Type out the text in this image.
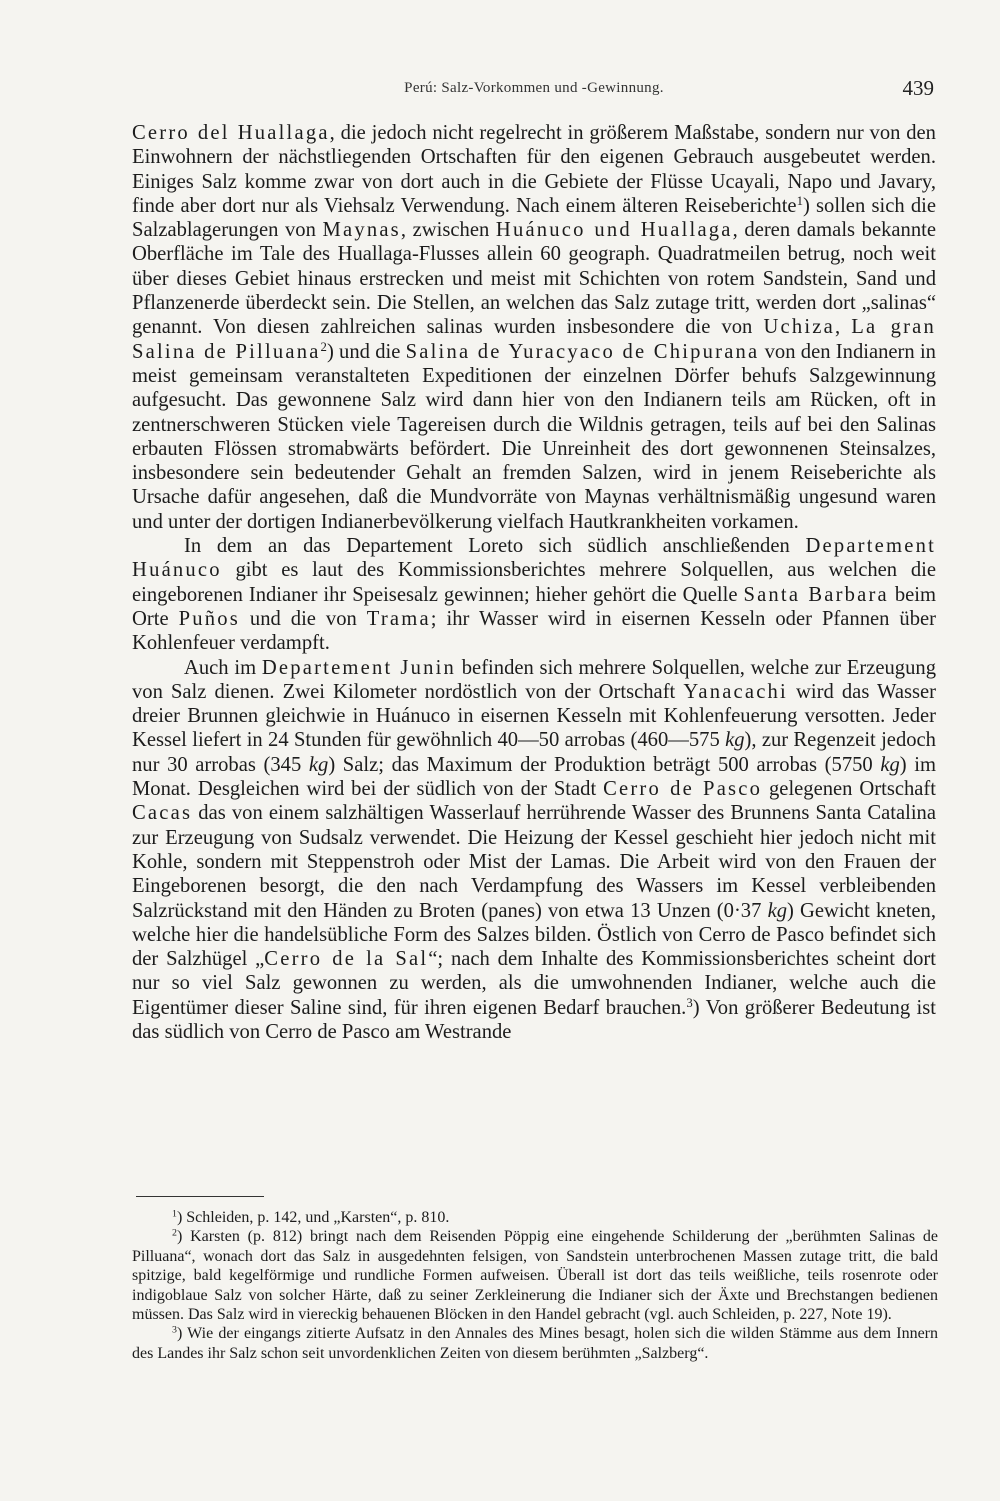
Perú: Salz-Vorkommen und -Gewinnung.	439

Cerro del Huallaga, die jedoch nicht regelrecht in größerem Maßstabe, sondern nur von den Einwohnern der nächstliegenden Ortschaften für den eigenen Gebrauch ausgebeutet werden. Einiges Salz komme zwar von dort auch in die Gebiete der Flüsse Ucayali, Napo und Javary, finde aber dort nur als Viehsalz Verwendung. Nach einem älteren Reiseberichte$^1$) sollen sich die Salzablagerungen von Maynas, zwischen Huánuco und Huallaga, deren damals bekannte Oberfläche im Tale des Huallaga-Flusses allein 60 geograph. Quadratmeilen betrug, noch weit über dieses Gebiet hinaus erstrecken und meist mit Schichten von rotem Sandstein, Sand und Pflanzenerde überdeckt sein. Die Stellen, an welchen das Salz zutage tritt, werden dort „salinas“ genannt. Von diesen zahlreichen salinas wurden insbesondere die von Uchiza, La gran Salina de Pilluana$^2$) und die Salina de Yuracyaco de Chipurana von den Indianern in meist gemeinsam veranstalteten Expeditionen der einzelnen Dörfer behufs Salzgewinnung aufgesucht. Das gewonnene Salz wird dann hier von den Indianern teils am Rücken, oft in zentnerschweren Stücken viele Tagereisen durch die Wildnis getragen, teils auf bei den Salinas erbauten Flössen stromabwärts befördert. Die Unreinheit des dort gewonnenen Steinsalzes, insbesondere sein bedeutender Gehalt an fremden Salzen, wird in jenem Reiseberichte als Ursache dafür angesehen, daß die Mundvorräte von Maynas verhältnismäßig ungesund waren und unter der dortigen Indianerbevölkerung vielfach Hautkrankheiten vorkamen.

In dem an das Departement Loreto sich südlich anschließenden Departement Huánuco gibt es laut des Kommissionsberichtes mehrere Solquellen, aus welchen die eingeborenen Indianer ihr Speisesalz gewinnen; hieher gehört die Quelle Santa Barbara beim Orte Puños und die von Trama; ihr Wasser wird in eisernen Kesseln oder Pfannen über Kohlenfeuer verdampft.

Auch im Departement Junin befinden sich mehrere Solquellen, welche zur Erzeugung von Salz dienen. Zwei Kilometer nordöstlich von der Ortschaft Yanacachi wird das Wasser dreier Brunnen gleichwie in Huánuco in eisernen Kesseln mit Kohlenfeuerung versotten. Jeder Kessel liefert in 24 Stunden für gewöhnlich 40—50 arrobas (460—575 kg), zur Regenzeit jedoch nur 30 arrobas (345 kg) Salz; das Maximum der Produktion beträgt 500 arrobas (5750 kg) im Monat. Desgleichen wird bei der südlich von der Stadt Cerro de Pasco gelegenen Ortschaft Cacas das von einem salzhältigen Wasserlauf herrührende Wasser des Brunnens Santa Catalina zur Erzeugung von Sudsalz verwendet. Die Heizung der Kessel geschieht hier jedoch nicht mit Kohle, sondern mit Steppenstroh oder Mist der Lamas. Die Arbeit wird von den Frauen der Eingeborenen besorgt, die den nach Verdampfung des Wassers im Kessel verbleibenden Salzrückstand mit den Händen zu Broten (panes) von etwa 13 Unzen (0·37 kg) Gewicht kneten, welche hier die handelsübliche Form des Salzes bilden. Östlich von Cerro de Pasco befindet sich der Salzhügel „Cerro de la Sal“; nach dem Inhalte des Kommissionsberichtes scheint dort nur so viel Salz gewonnen zu werden, als die umwohnenden Indianer, welche auch die Eigentümer dieser Saline sind, für ihren eigenen Bedarf brauchen.$^3$) Von größerer Bedeutung ist das südlich von Cerro de Pasco am Westrande

$^1$) Schleiden, p. 142, und „Karsten“, p. 810.

$^2$) Karsten (p. 812) bringt nach dem Reisenden Pöppig eine eingehende Schilderung der „berühmten Salinas de Pilluana“, wonach dort das Salz in ausgedehnten felsigen, von Sandstein unterbrochenen Massen zutage tritt, die bald spitzige, bald kegelförmige und rundliche Formen aufweisen. Überall ist dort das teils weißliche, teils rosenrote oder indigoblaue Salz von solcher Härte, daß zu seiner Zerkleinerung die Indianer sich der Äxte und Brechstangen bedienen müssen. Das Salz wird in viereckig behauenen Blöcken in den Handel gebracht (vgl. auch Schleiden, p. 227, Note 19).

$^3$) Wie der eingangs zitierte Aufsatz in den Annales des Mines besagt, holen sich die wilden Stämme aus dem Innern des Landes ihr Salz schon seit unvordenklichen Zeiten von diesem berühmten „Salzberg“.
